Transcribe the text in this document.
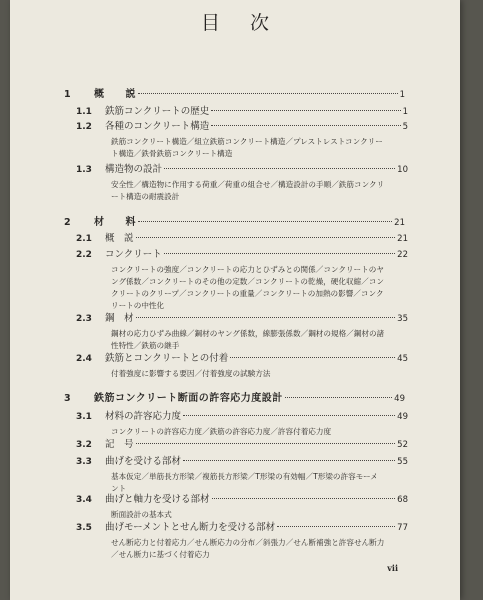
目次
1	概　　説	1
1.1	鉄筋コンクリートの歴史	1
1.2	各種のコンクリート構造	5
鉄筋コンクリート構造／組立鉄筋コンクリート構造／プレストレストコンクリー
ト構造／鉄骨鉄筋コンクリート構造
1.3	構造物の設計	10
安全性／構造物に作用する荷重／荷重の組合せ／構造設計の手順／鉄筋コンクリ
ート構造の耐震設計
2	材　　料	21
2.1	概　説	21
2.2	コンクリート	22
コンクリートの強度／コンクリートの応力とひずみとの関係／コンクリートのヤ
ング係数／コンクリートのその他の定数／コンクリートの乾燥，硬化収縮／コン
クリートのクリープ／コンクリートの重量／コンクリートの加熱の影響／コンク
リートの中性化
2.3	鋼　材	35
鋼材の応力ひずみ曲線／鋼材のヤング係数，線膨張係数／鋼材の規格／鋼材の諸
性特性／鉄筋の継手
2.4	鉄筋とコンクリートとの付着	45
付着強度に影響する要因／付着強度の試験方法
3	鉄筋コンクリート断面の許容応力度設計	49
3.1	材料の許容応力度	49
コンクリートの許容応力度／鉄筋の許容応力度／許容付着応力度
3.2	記　号	52
3.3	曲げを受ける部材	55
基本仮定／単筋長方形梁／複筋長方形梁／T形梁の有効幅／T形梁の許容モーメ
ント
3.4	曲げと軸力を受ける部材	68
断面設計の基本式
3.5	曲げモーメントとせん断力を受ける部材	77
せん断応力と付着応力／せん断応力の分布／斜張力／せん断補強と許容せん断力
／せん断力に基づく付着応力
vii
